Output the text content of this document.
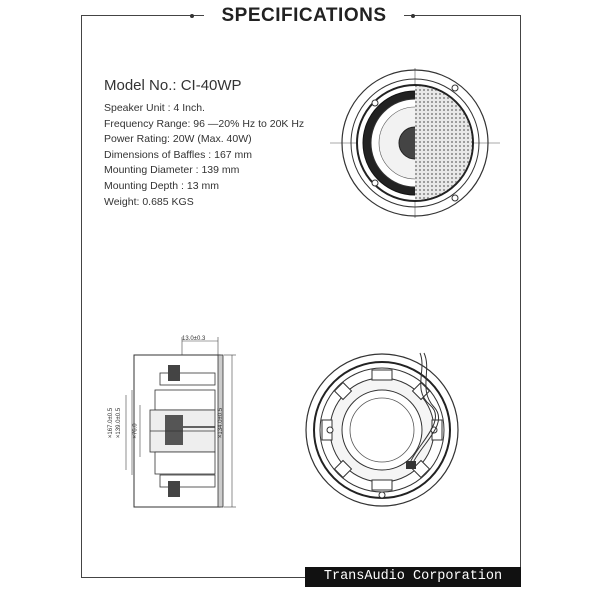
SPECIFICATIONS
Model No.: CI-40WP
Speaker Unit : 4 Inch.
Frequency Range: 96 —20% Hz to 20K Hz
Power Rating: 20W (Max. 40W)
Dimensions of Baffles : 167 mm
Mounting Diameter : 139 mm
Mounting Depth : 13 mm
Weight: 0.685 KGS
13.0±0.3
×167.0±0.5 ×139.0±0.5 ×76.0	×134.0±0.5
TransAudio Corporation
